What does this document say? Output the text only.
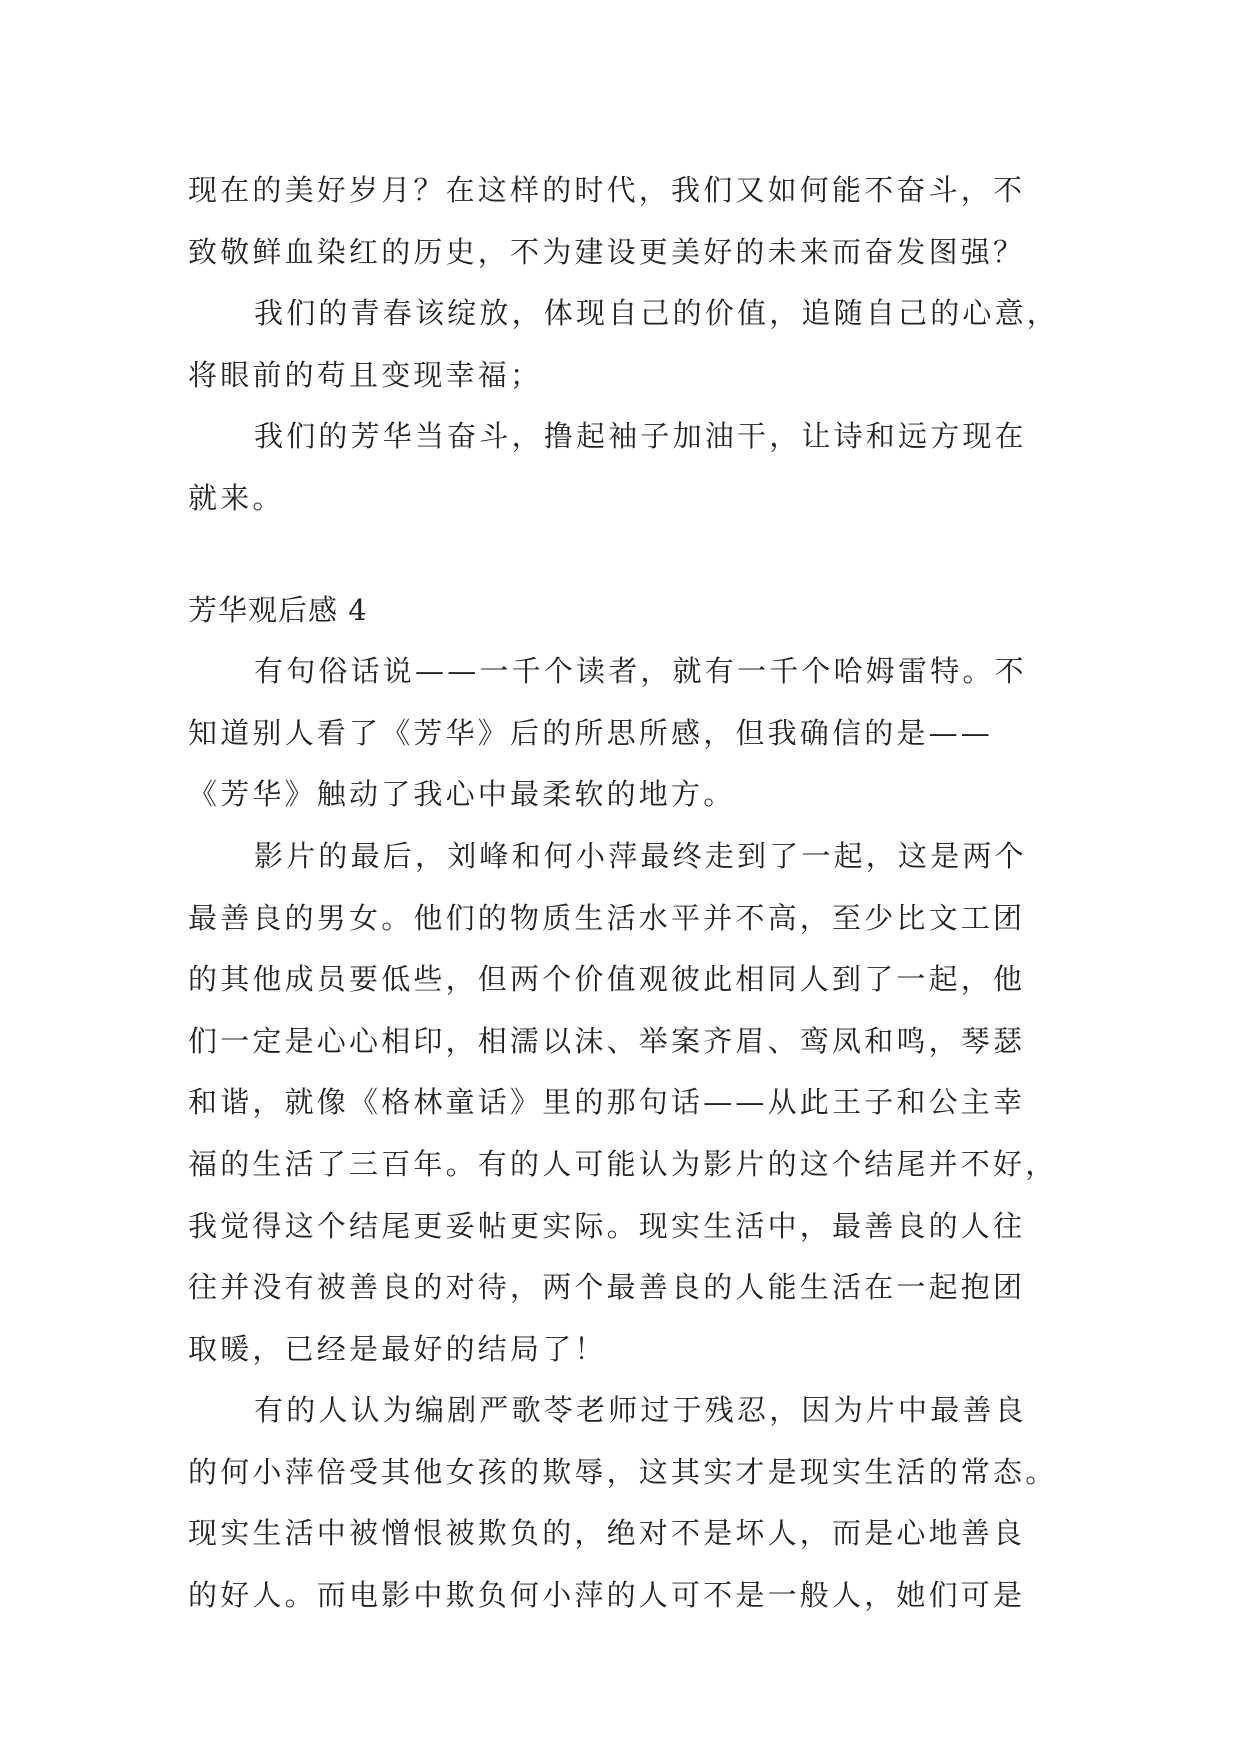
现在的美好岁月？在这样的时代，我们又如何能不奋斗，不
致敬鲜血染红的历史，不为建设更美好的未来而奋发图强？
我们的青春该绽放，体现自己的价值，追随自己的心意，
将眼前的苟且变现幸福；
我们的芳华当奋斗，撸起袖子加油干，让诗和远方现在
就来。
芳华观后感 4
有句俗话说——一千个读者，就有一千个哈姆雷特。不
知道别人看了《芳华》后的所思所感，但我确信的是——
《芳华》触动了我心中最柔软的地方。
影片的最后，刘峰和何小萍最终走到了一起，这是两个
最善良的男女。他们的物质生活水平并不高，至少比文工团
的其他成员要低些，但两个价值观彼此相同人到了一起，他
们一定是心心相印，相濡以沫、举案齐眉、鸾凤和鸣，琴瑟
和谐，就像《格林童话》里的那句话——从此王子和公主幸
福的生活了三百年。有的人可能认为影片的这个结尾并不好，
我觉得这个结尾更妥帖更实际。现实生活中，最善良的人往
往并没有被善良的对待，两个最善良的人能生活在一起抱团
取暖，已经是最好的结局了！
有的人认为编剧严歌苓老师过于残忍，因为片中最善良
的何小萍倍受其他女孩的欺辱，这其实才是现实生活的常态。
现实生活中被憎恨被欺负的，绝对不是坏人，而是心地善良
的好人。而电影中欺负何小萍的人可不是一般人，她们可是
